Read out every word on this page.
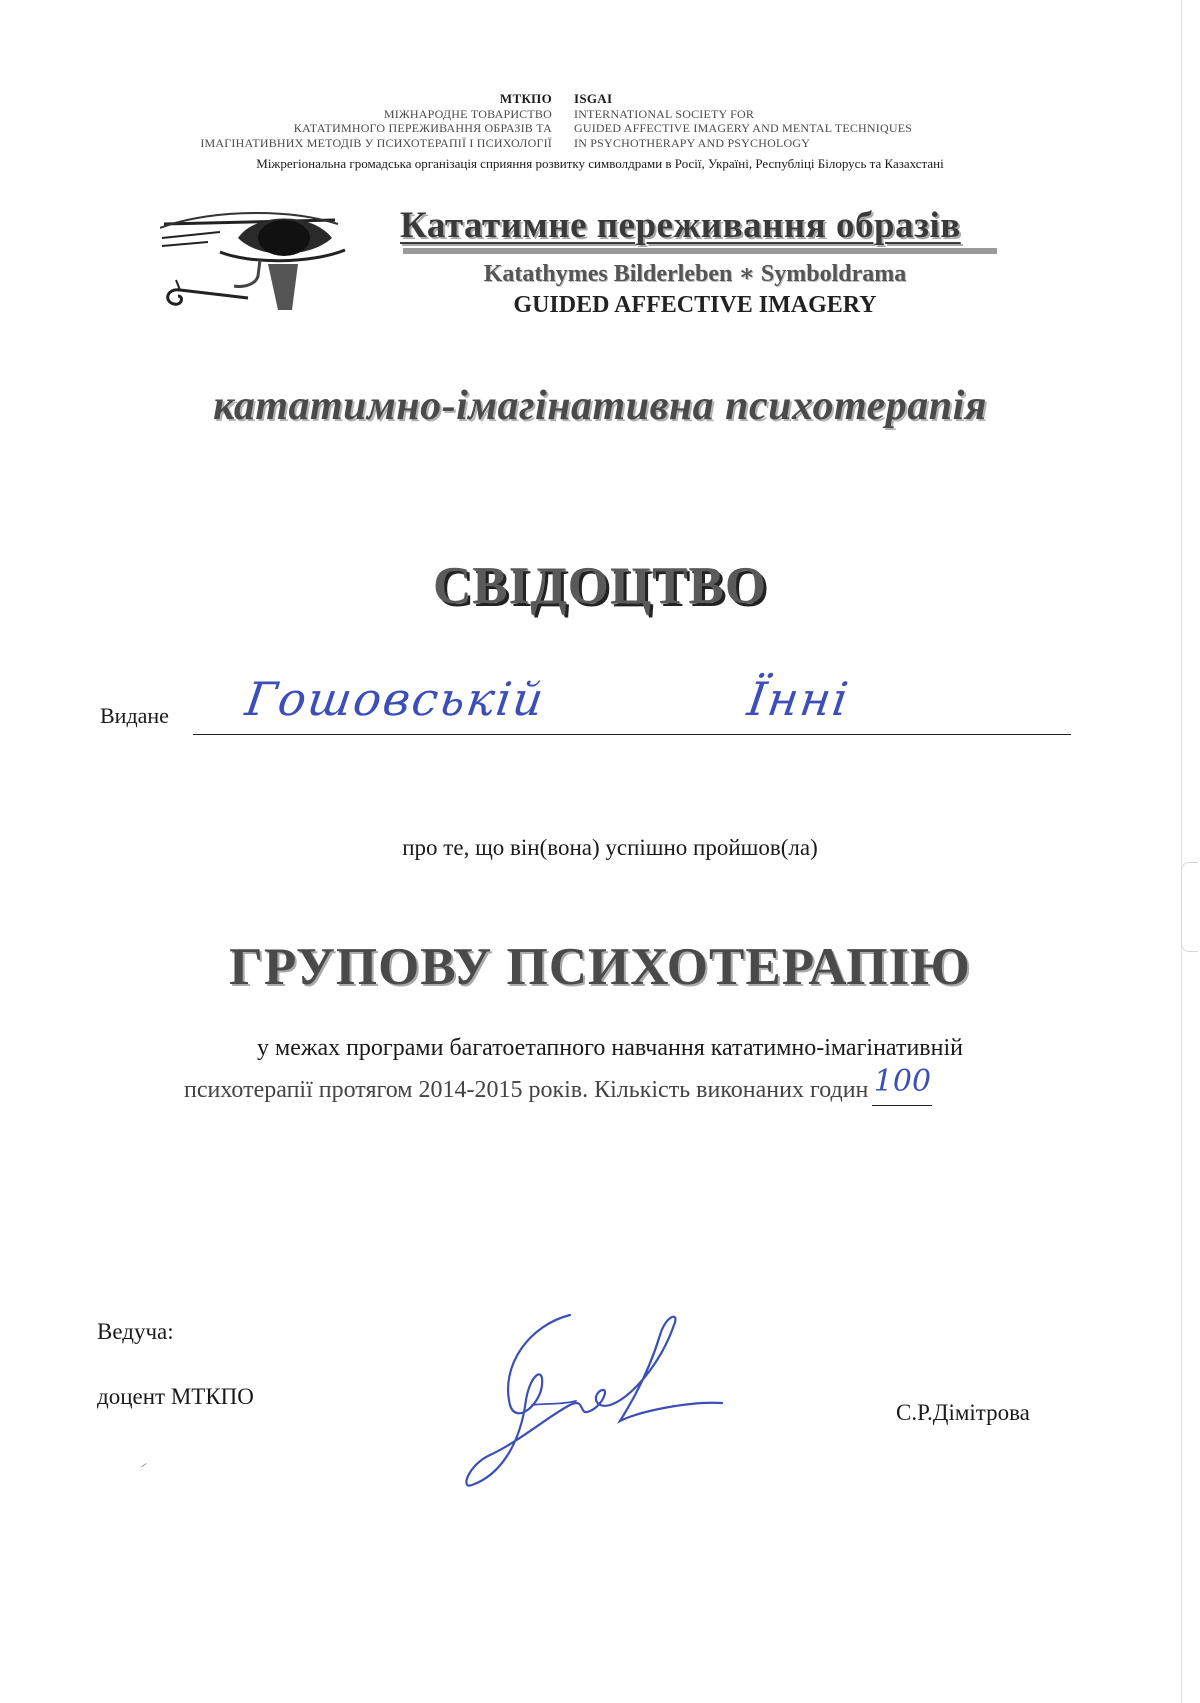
МТКПО
МІЖНАРОДНЕ ТОВАРИСТВО
КАТАТИМНОГО ПЕРЕЖИВАННЯ ОБРАЗІВ ТА
ІМАГІНАТИВНИХ МЕТОДІВ У ПСИХОТЕРАПІЇ І ПСИХОЛОГІЇ
ISGAI
INTERNATIONAL SOCIETY FOR
GUIDED AFFECTIVE IMAGERY AND MENTAL TECHNIQUES
IN PSYCHOTHERAPY AND PSYCHOLOGY
Міжрегіональна громадська організація сприяння розвитку символдрами в Росії, Україні, Республіці Білорусь та Казахстані
Кататимне переживання образів
Katathymes Bilderleben ∗ Symboldrama
GUIDED AFFECTIVE IMAGERY
кататимно-імагінативна психотерапія
СВІДОЦТВО
Видане Гошовській	Їнні
про те, що він(вона) успішно пройшов(ла)
ГРУПОВУ ПСИХОТЕРАПІЮ
у межах програми багатоетапного навчання кататимно-імагінативній
психотерапії протягом 2014-2015 років. Кількість виконаних годин 100
Ведуча:
доцент МТКПО
С.Р.Дімітрова
